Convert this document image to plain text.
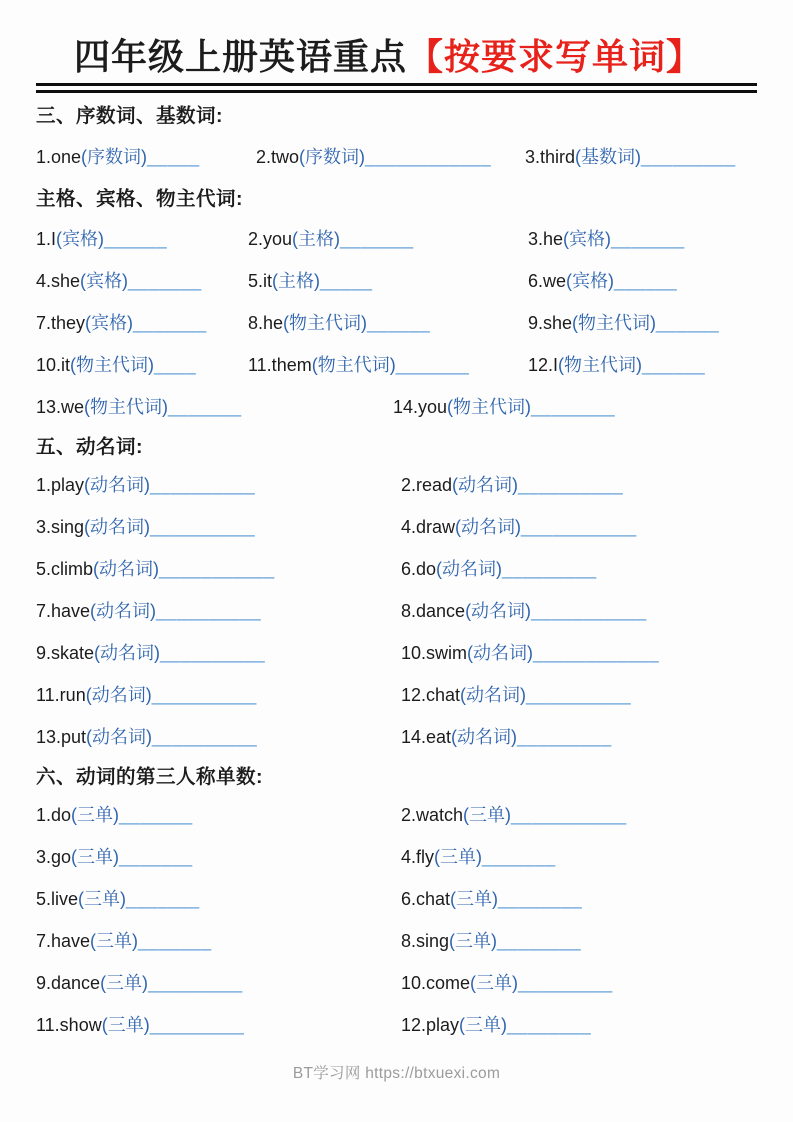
四年级上册英语重点【按要求写单词】
三、序数词、基数词:
1.one(序数词)_____	2.two(序数词)____________	3.third(基数词)_________
主格、宾格、物主代词:
1.I(宾格)______	2.you(主格)_______	3.he(宾格)_______
4.she(宾格)_______	5.it(主格)_____	6.we(宾格)______
7.they(宾格)_______	8.he(物主代词)______	9.she(物主代词)______
10.it(物主代词)____	11.them(物主代词)_______	12.I(物主代词)______
13.we(物主代词)_______	14.you(物主代词)________
五、动名词:
1.play(动名词)__________	2.read(动名词)__________
3.sing(动名词)__________	4.draw(动名词)___________
5.climb(动名词)___________	6.do(动名词)_________
7.have(动名词)__________	8.dance(动名词)___________
9.skate(动名词)__________	10.swim(动名词)____________
11.run(动名词)__________	12.chat(动名词)__________
13.put(动名词)__________	14.eat(动名词)_________
六、动词的第三人称单数:
1.do(三单)_______	2.watch(三单)___________
3.go(三单)_______	4.fly(三单)_______
5.live(三单)_______	6.chat(三单)________
7.have(三单)_______	8.sing(三单)________
9.dance(三单)_________	10.come(三单)_________
11.show(三单)_________	12.play(三单)________
BT学习网 https://btxuexi.com
